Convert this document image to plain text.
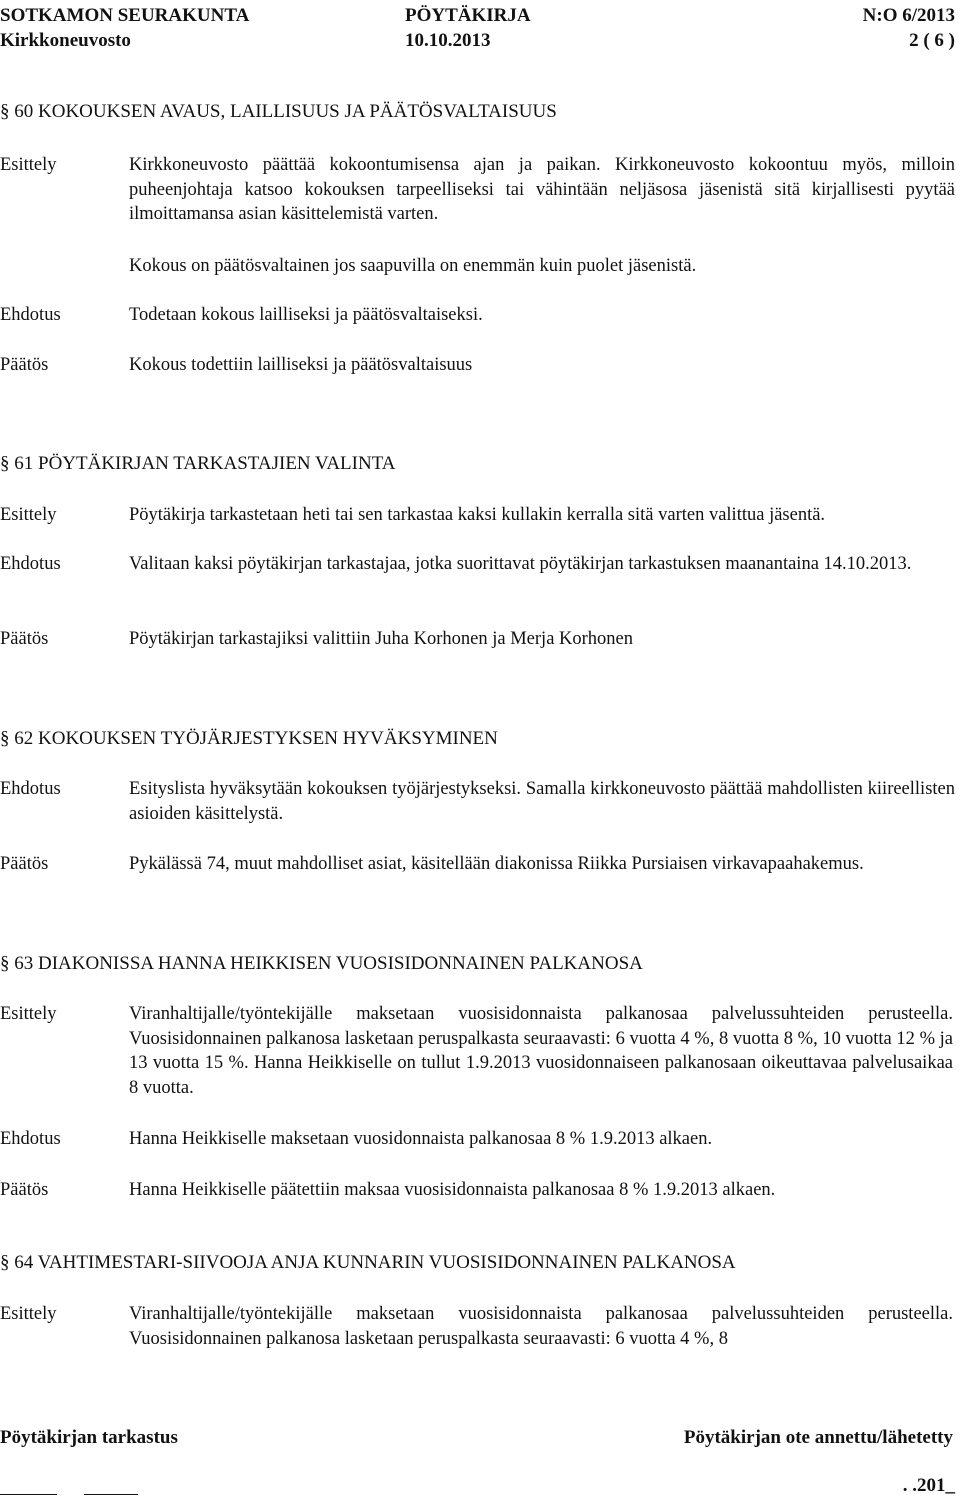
SOTKAMON SEURAKUNTA	PÖYTÄKIRJA	N:O 6/2013
Kirkkoneuvosto	10.10.2013	2 ( 6 )
§ 60 KOKOUKSEN AVAUS, LAILLISUUS JA PÄÄTÖSVALTAISUUS
Esittely	Kirkkoneuvosto päättää kokoontumisensa ajan ja paikan. Kirkkoneuvosto kokoontuu myös, milloin puheenjohtaja katsoo kokouksen tarpeelliseksi tai vähintään neljäsosa jäsenistä sitä kirjallisesti pyytää ilmoittamansa asian käsittelemistä varten.
Kokous on päätösvaltainen jos saapuvilla on enemmän kuin puolet jäsenistä.
Ehdotus	Todetaan kokous lailliseksi ja päätösvaltaiseksi.
Päätös	Kokous todettiin lailliseksi ja päätösvaltaisuus
§ 61 PÖYTÄKIRJAN TARKASTAJIEN VALINTA
Esittely	Pöytäkirja tarkastetaan heti tai sen tarkastaa kaksi kullakin kerralla sitä varten valittua jäsentä.
Ehdotus	Valitaan kaksi pöytäkirjan tarkastajaa, jotka suorittavat pöytäkirjan tarkastuksen maanantaina 14.10.2013.
Päätös	Pöytäkirjan tarkastajiksi valittiin Juha Korhonen ja Merja Korhonen
§ 62 KOKOUKSEN TYÖJÄRJESTYKSEN HYVÄKSYMINEN
Ehdotus	Esityslista hyväksytään kokouksen työjärjestykseksi. Samalla kirkkoneuvosto päättää mahdollisten kiireellisten asioiden käsittelystä.
Päätös	Pykälässä 74, muut mahdolliset asiat, käsitellään diakonissa Riikka Pursiaisen virkavapaahakemus.
§ 63 DIAKONISSA HANNA HEIKKISEN VUOSISIDONNAINEN PALKANOSA
Esittely	Viranhaltijalle/työntekijälle maksetaan vuosisidonnaista palkanosaa palvelussuhteiden perusteella. Vuosisidonnainen palkanosa lasketaan peruspalkasta seuraavasti: 6 vuotta 4 %, 8 vuotta 8 %, 10 vuotta 12 % ja 13 vuotta 15 %. Hanna Heikkiselle on tullut 1.9.2013 vuosidonnaiseen palkanosaan oikeuttavaa palvelusaikaa 8 vuotta.
Ehdotus	Hanna Heikkiselle maksetaan vuosidonnaista palkanosaa 8 % 1.9.2013 alkaen.
Päätös	Hanna Heikkiselle päätettiin maksaa vuosisidonnaista palkanosaa 8 % 1.9.2013 alkaen.
§ 64 VAHTIMESTARI-SIIVOOJA ANJA KUNNARIN VUOSISIDONNAINEN PALKANOSA
Esittely	Viranhaltijalle/työntekijälle maksetaan vuosisidonnaista palkanosaa palvelussuhteiden perusteella. Vuosisidonnainen palkanosa lasketaan peruspalkasta seuraavasti: 6 vuotta 4 %, 8
Pöytäkirjan tarkastus	Pöytäkirjan ote annettu/lähetetty
. .201_
